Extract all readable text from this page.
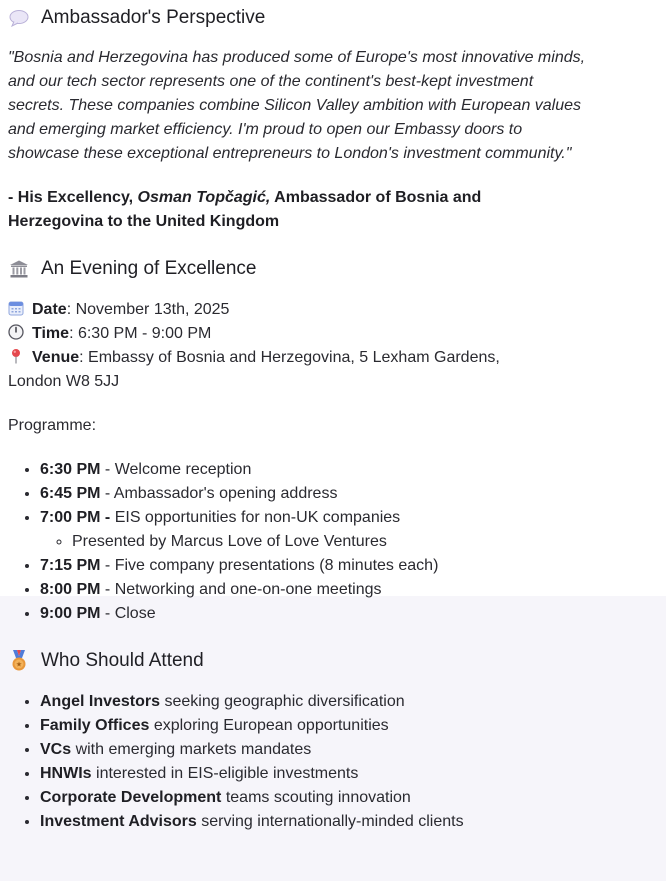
Ambassador's Perspective

"Bosnia and Herzegovina has produced some of Europe's most innovative minds, and our tech sector represents one of the continent's best-kept investment secrets. These companies combine Silicon Valley ambition with European values and emerging market efficiency. I'm proud to open our Embassy doors to showcase these exceptional entrepreneurs to London's investment community."

- His Excellency, Osman Topčagić, Ambassador of Bosnia and Herzegovina to the United Kingdom

An Evening of Excellence

Date: November 13th, 2025

Time: 6:30 PM - 9:00 PM

Venue: Embassy of Bosnia and Herzegovina, 5 Lexham Gardens, London W8 5JJ

Programme:

• 6:30 PM - Welcome reception
• 6:45 PM - Ambassador's opening address
• 7:00 PM - EIS opportunities for non-UK companies
◦ Presented by Marcus Love of Love Ventures
• 7:15 PM - Five company presentations (8 minutes each)
• 8:00 PM - Networking and one-on-one meetings
• 9:00 PM - Close
★ Who Should Attend
• Angel Investors seeking geographic diversification
• Family Offices exploring European opportunities
• VCs with emerging markets mandates
• HNWIs interested in EIS-eligible investments
• Corporate Development teams scouting innovation
• Investment Advisors serving internationally-minded clients
